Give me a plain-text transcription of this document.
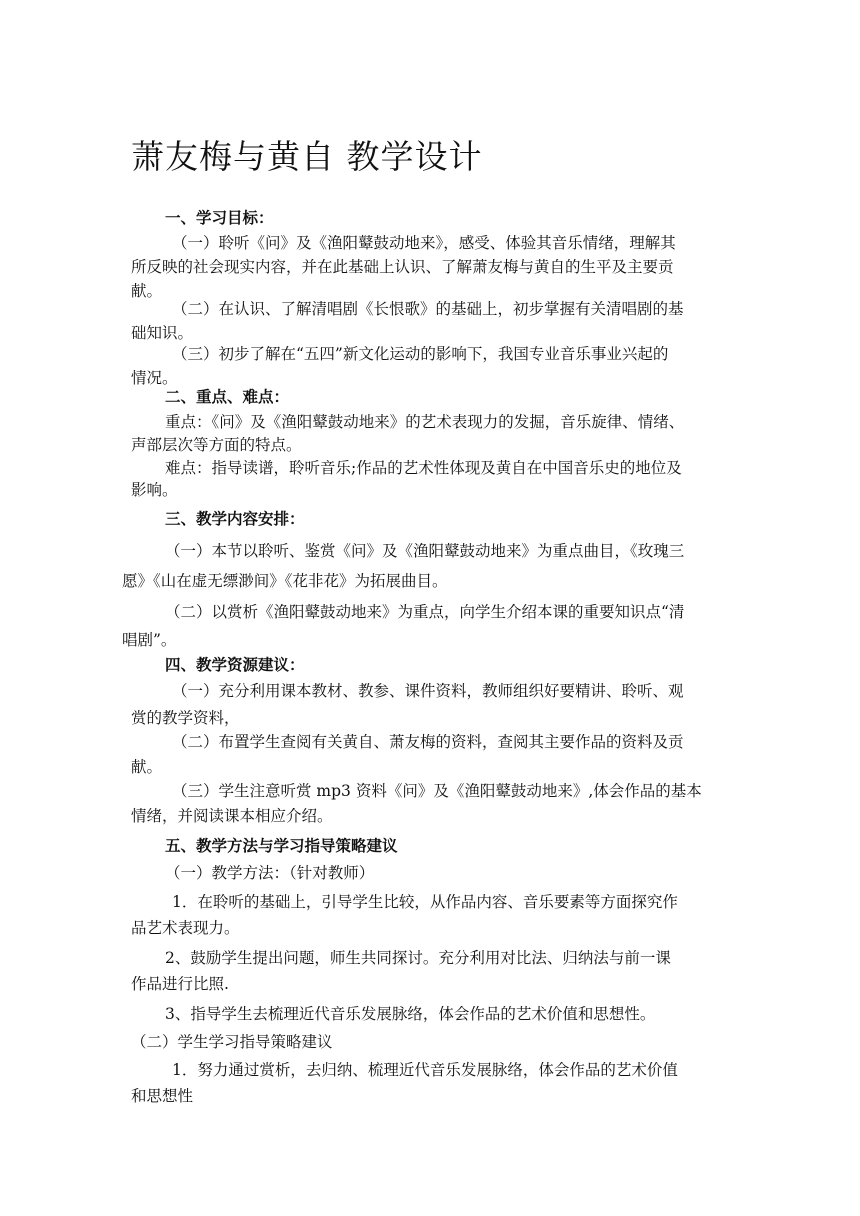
萧友梅与黄自 教学设计
一、学习目标：
（一）聆听《问》及《渔阳鼙鼓动地来》，感受、体验其音乐情绪，理解其
所反映的社会现实内容，并在此基础上认识、了解萧友梅与黄自的生平及主要贡
献。
（二）在认识、了解清唱剧《长恨歌》的基础上，初步掌握有关清唱剧的基
础知识。
（三）初步了解在“五四”新文化运动的影响下，我国专业音乐事业兴起的
情况。
二、重点、难点：
重点：《问》及《渔阳鼙鼓动地来》的艺术表现力的发掘，音乐旋律、情绪、
声部层次等方面的特点。
难点：指导读谱，聆听音乐;作品的艺术性体现及黄自在中国音乐史的地位及
影响。
三、教学内容安排：
（一）本节以聆听、鉴赏《问》及《渔阳鼙鼓动地来》为重点曲目，《玫瑰三
愿》《山在虚无缥渺间》《花非花》为拓展曲目。
（二）以赏析《渔阳鼙鼓动地来》为重点，向学生介绍本课的重要知识点“清
唱剧”。
四、教学资源建议：
（一）充分利用课本教材、教参、课件资料，教师组织好要精讲、聆听、观
赏的教学资料，
（二）布置学生查阅有关黄自、萧友梅的资料，查阅其主要作品的资料及贡
献。
（三）学生注意听赏 mp3 资料《问》及《渔阳鼙鼓动地来》,体会作品的基本
情绪，并阅读课本相应介绍。
五、教学方法与学习指导策略建议
（一）教学方法：（针对教师）
1．在聆听的基础上，引导学生比较，从作品内容、音乐要素等方面探究作
品艺术表现力。
2、鼓励学生提出问题，师生共同探讨。充分利用对比法、归纳法与前一课
作品进行比照.
3、指导学生去梳理近代音乐发展脉络，体会作品的艺术价值和思想性。
（二）学生学习指导策略建议
1．努力通过赏析，去归纳、梳理近代音乐发展脉络，体会作品的艺术价值
和思想性
